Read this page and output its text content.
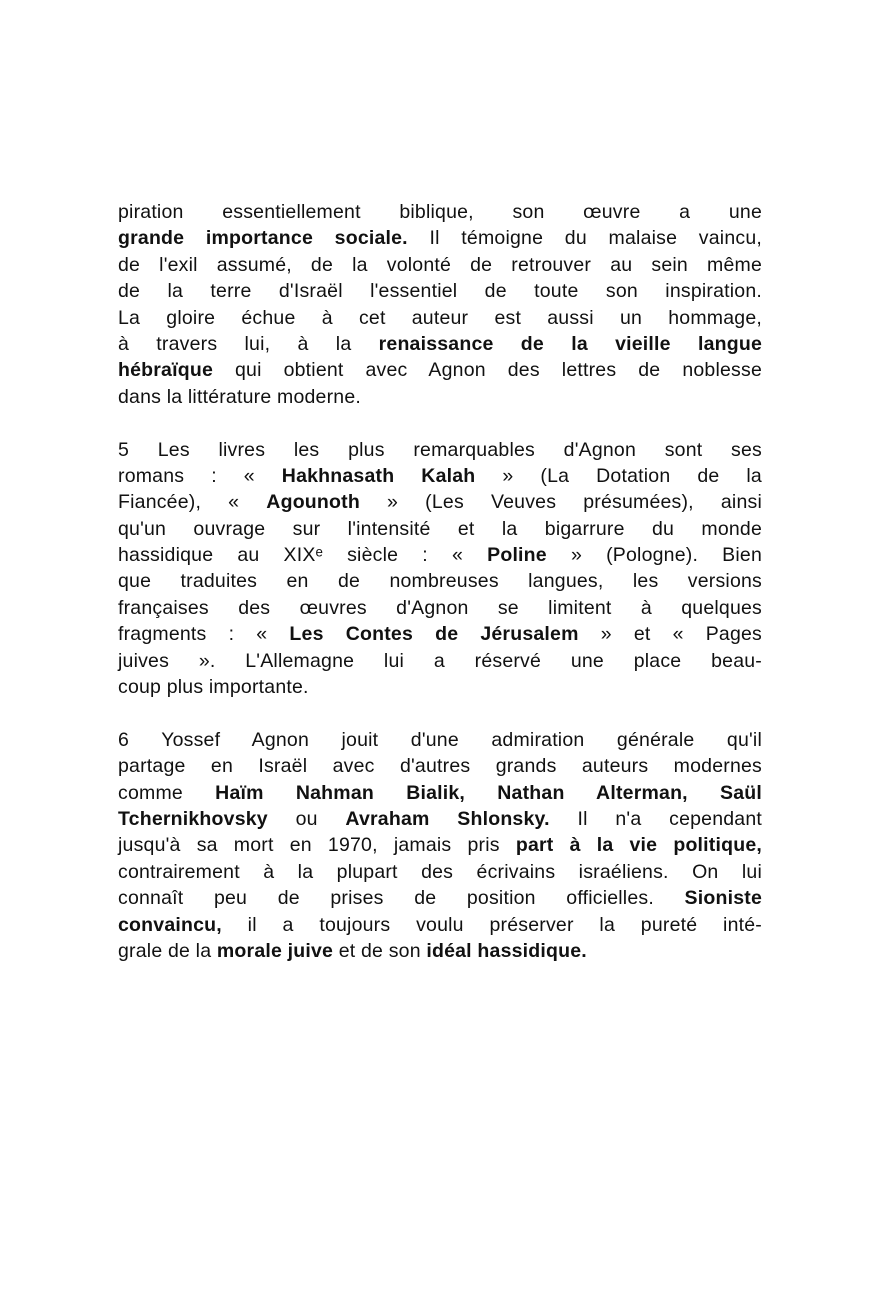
piration essentiellement biblique, son œuvre a une
grande importance sociale. Il témoigne du malaise vaincu,
de l'exil assumé, de la volonté de retrouver au sein même
de la terre d'Israël l'essentiel de toute son inspiration.
La gloire échue à cet auteur est aussi un hommage,
à travers lui, à la renaissance de la vieille langue
hébraïque qui obtient avec Agnon des lettres de noblesse
dans la littérature moderne.
5 Les livres les plus remarquables d'Agnon sont ses
romans : « Hakhnasath Kalah » (La Dotation de la
Fiancée), « Agounoth » (Les Veuves présumées), ainsi
qu'un ouvrage sur l'intensité et la bigarrure du monde
hassidique au XIXᵉ siècle : « Poline » (Pologne). Bien
que traduites en de nombreuses langues, les versions
françaises des œuvres d'Agnon se limitent à quelques
fragments : « Les Contes de Jérusalem » et « Pages
juives ». L'Allemagne lui a réservé une place beau-
coup plus importante.
6 Yossef Agnon jouit d'une admiration générale qu'il
partage en Israël avec d'autres grands auteurs modernes
comme Haïm Nahman Bialik, Nathan Alterman, Saül
Tchernikhovsky ou Avraham Shlonsky. Il n'a cependant
jusqu'à sa mort en 1970, jamais pris part à la vie politique,
contrairement à la plupart des écrivains israéliens. On lui
connaît peu de prises de position officielles. Sioniste
convaincu, il a toujours voulu préserver la pureté inté-
grale de la morale juive et de son idéal hassidique.
